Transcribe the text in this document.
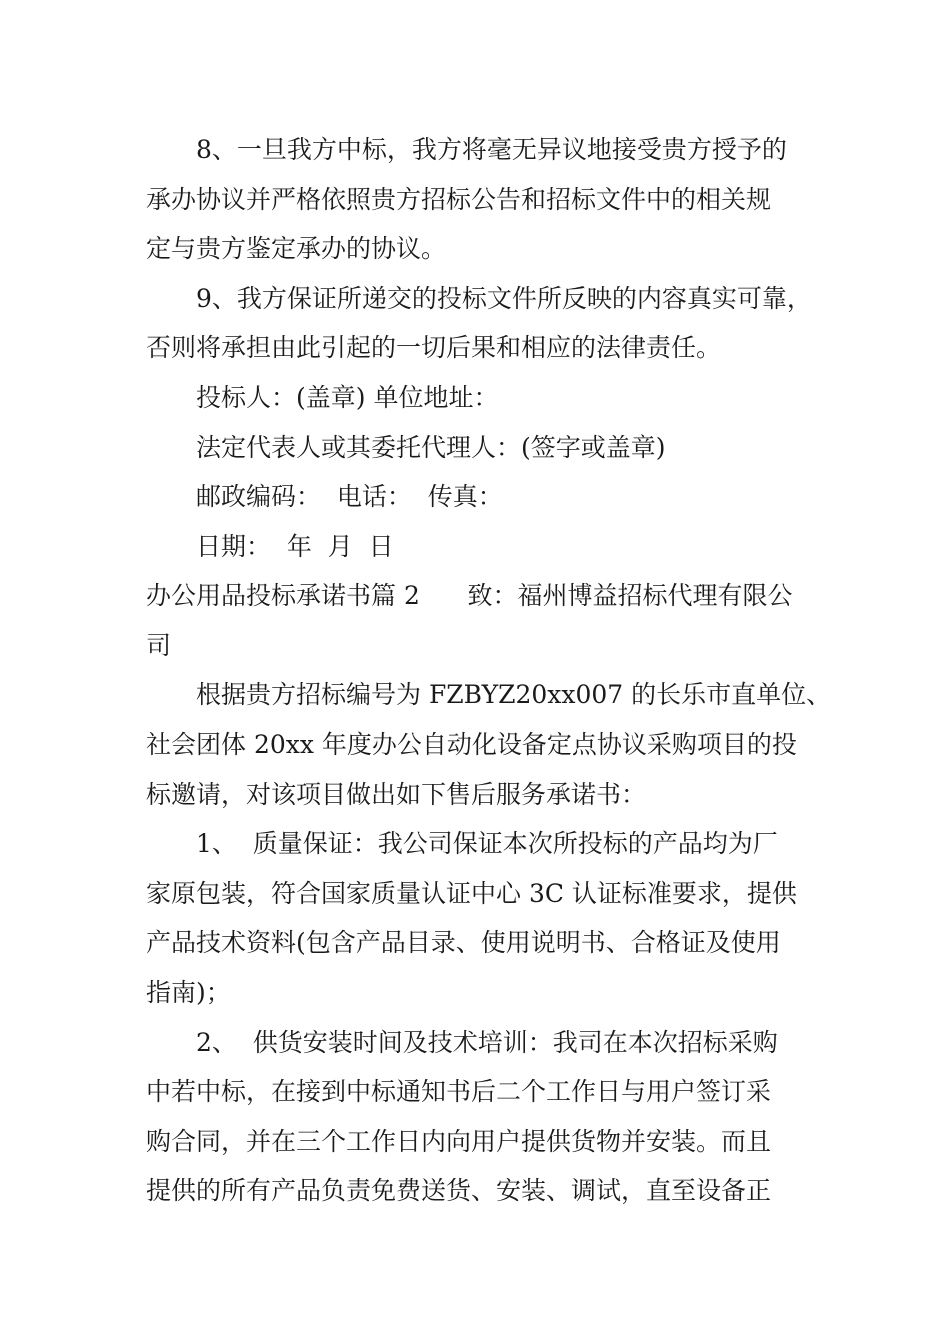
8、一旦我方中标，我方将毫无异议地接受贵方授予的

承办协议并严格依照贵方招标公告和招标文件中的相关规

定与贵方鉴定承办的协议。

9、我方保证所递交的投标文件所反映的内容真实可靠，

否则将承担由此引起的一切后果和相应的法律责任。

投标人：(盖章) 单位地址：

法定代表人或其委托代理人：(签字或盖章)

邮政编码：  电话：  传真：

日期：  年  月  日

办公用品投标承诺书篇 2      致：福州博益招标代理有限公

司

根据贵方招标编号为 FZBYZ20xx007 的长乐市直单位、

社会团体 20xx 年度办公自动化设备定点协议采购项目的投

标邀请，对该项目做出如下售后服务承诺书：

1、  质量保证：我公司保证本次所投标的产品均为厂

家原包装，符合国家质量认证中心 3C 认证标准要求，提供

产品技术资料(包含产品目录、使用说明书、合格证及使用

指南)；

2、  供货安装时间及技术培训：我司在本次招标采购

中若中标，在接到中标通知书后二个工作日与用户签订采

购合同，并在三个工作日内向用户提供货物并安装。而且

提供的所有产品负责免费送货、安装、调试，直至设备正
